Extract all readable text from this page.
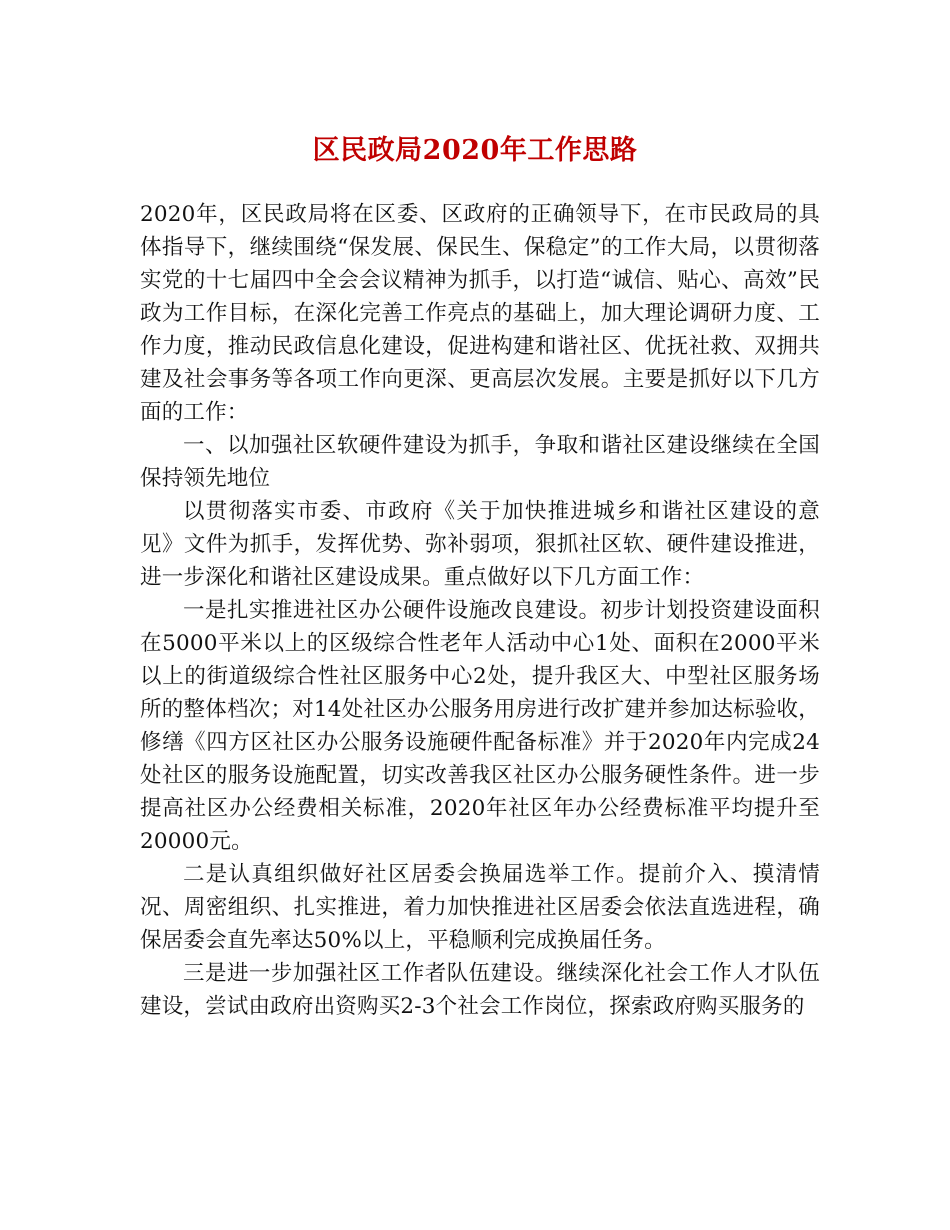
区民政局2020年工作思路

2020年，区民政局将在区委、区政府的正确领导下，在市民政局的具体指导下，继续围绕“保发展、保民生、保稳定”的工作大局，以贯彻落实党的十七届四中全会会议精神为抓手，以打造“诚信、贴心、高效”民政为工作目标，在深化完善工作亮点的基础上，加大理论调研力度、工作力度，推动民政信息化建设，促进构建和谐社区、优抚社救、双拥共建及社会事务等各项工作向更深、更高层次发展。主要是抓好以下几方面的工作：

一、以加强社区软硬件建设为抓手，争取和谐社区建设继续在全国保持领先地位

以贯彻落实市委、市政府《关于加快推进城乡和谐社区建设的意见》文件为抓手，发挥优势、弥补弱项，狠抓社区软、硬件建设推进，进一步深化和谐社区建设成果。重点做好以下几方面工作：

一是扎实推进社区办公硬件设施改良建设。初步计划投资建设面积在5000平米以上的区级综合性老年人活动中心1处、面积在2000平米以上的街道级综合性社区服务中心2处，提升我区大、中型社区服务场所的整体档次；对14处社区办公服务用房进行改扩建并参加达标验收，修缮《四方区社区办公服务设施硬件配备标准》并于2020年内完成24处社区的服务设施配置，切实改善我区社区办公服务硬性条件。进一步提高社区办公经费相关标准，2020年社区年办公经费标准平均提升至20000元。

二是认真组织做好社区居委会换届选举工作。提前介入、摸清情况、周密组织、扎实推进，着力加快推进社区居委会依法直选进程，确保居委会直先率达50%以上，平稳顺利完成换届任务。

三是进一步加强社区工作者队伍建设。继续深化社会工作人才队伍建设，尝试由政府出资购买2-3个社会工作岗位，探索政府购买服务的
